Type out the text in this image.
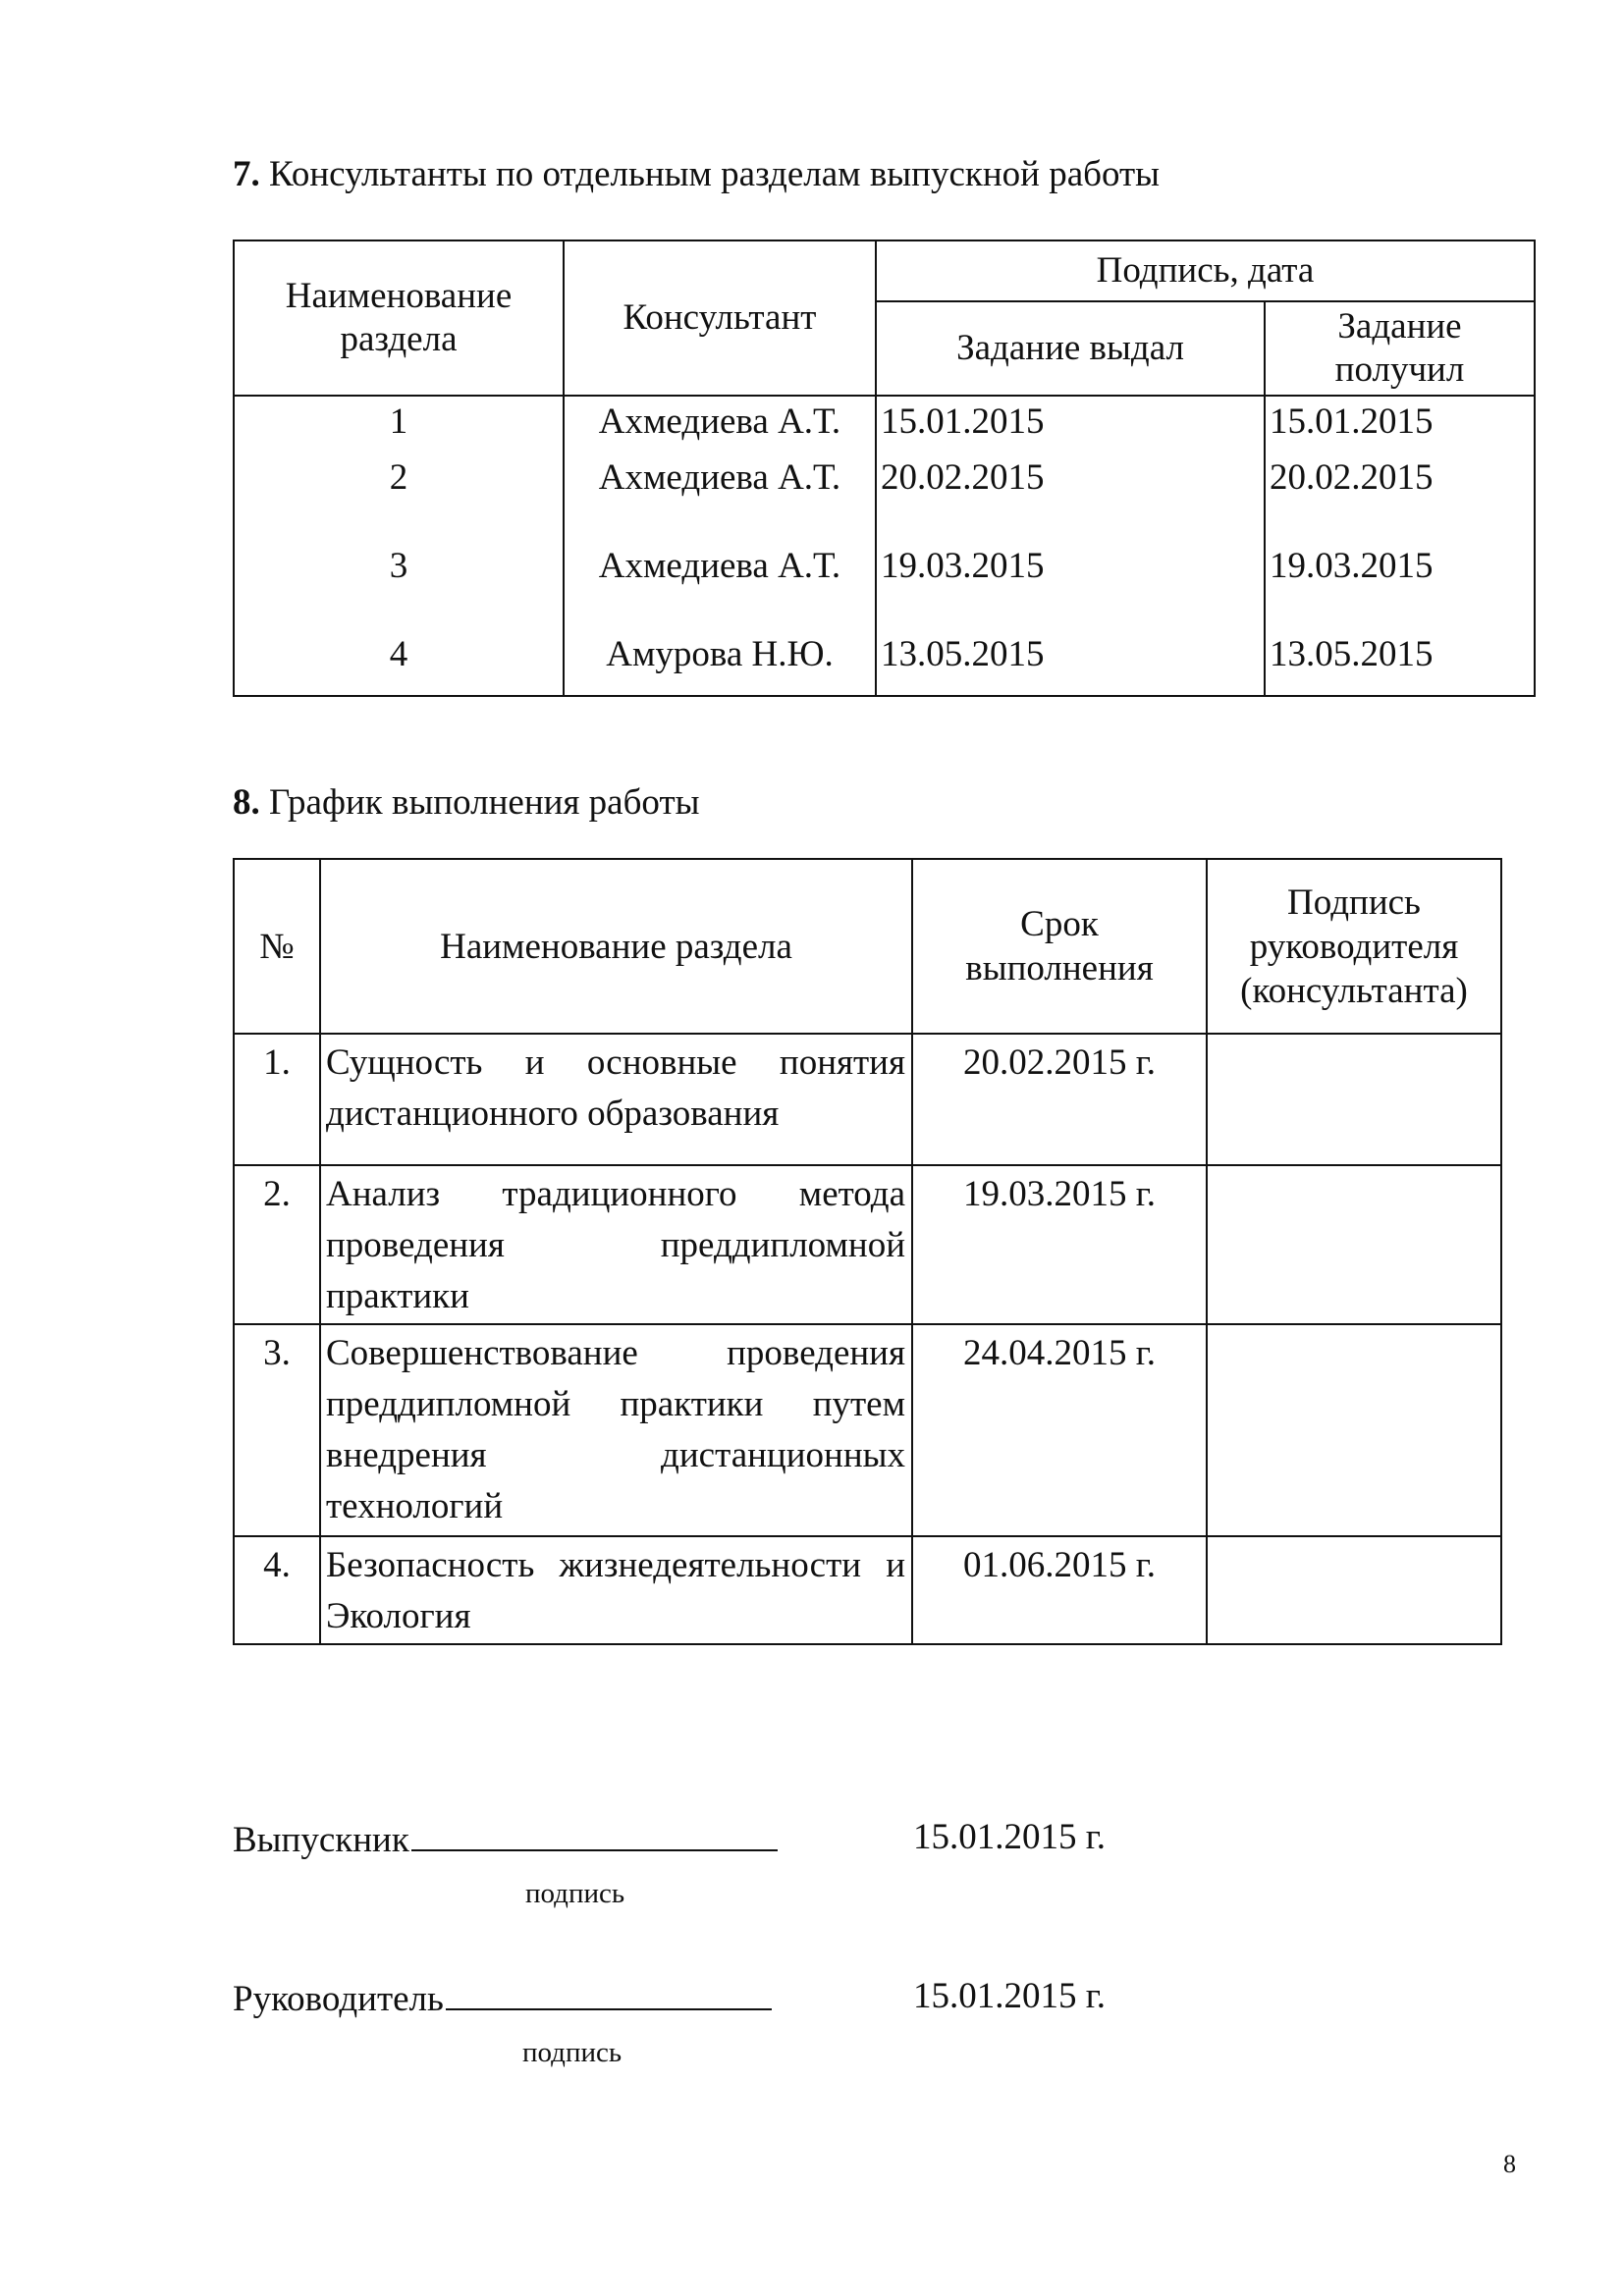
7. Консультанты по отдельным разделам выпускной работы

Наименование раздела	Консультант	Подпись, дата	
		Задание выдал	Задание получил
1	Ахмедиева А.Т.	15.01.2015	15.01.2015
2	Ахмедиева А.Т.	20.02.2015	20.02.2015
3	Ахмедиева А.Т.	19.03.2015	19.03.2015
4	Амурова Н.Ю.	13.05.2015	13.05.2015

8. График выполнения работы

№	Наименование раздела	Срок выполнения	Подпись руководителя (консультанта)
1.	Сущность и основные понятия дистанционного образования	20.02.2015 г.	
2.	Анализ традиционного метода проведения преддипломной практики	19.03.2015 г.	
3.	Совершенствование проведения преддипломной практики путем внедрения дистанционных технологий	24.04.2015 г.	
4.	Безопасность жизнедеятельности и Экология	01.06.2015 г.	
Выпускник
подпись
15.01.2015 г.
Руководитель
подпись
15.01.2015 г.
8
